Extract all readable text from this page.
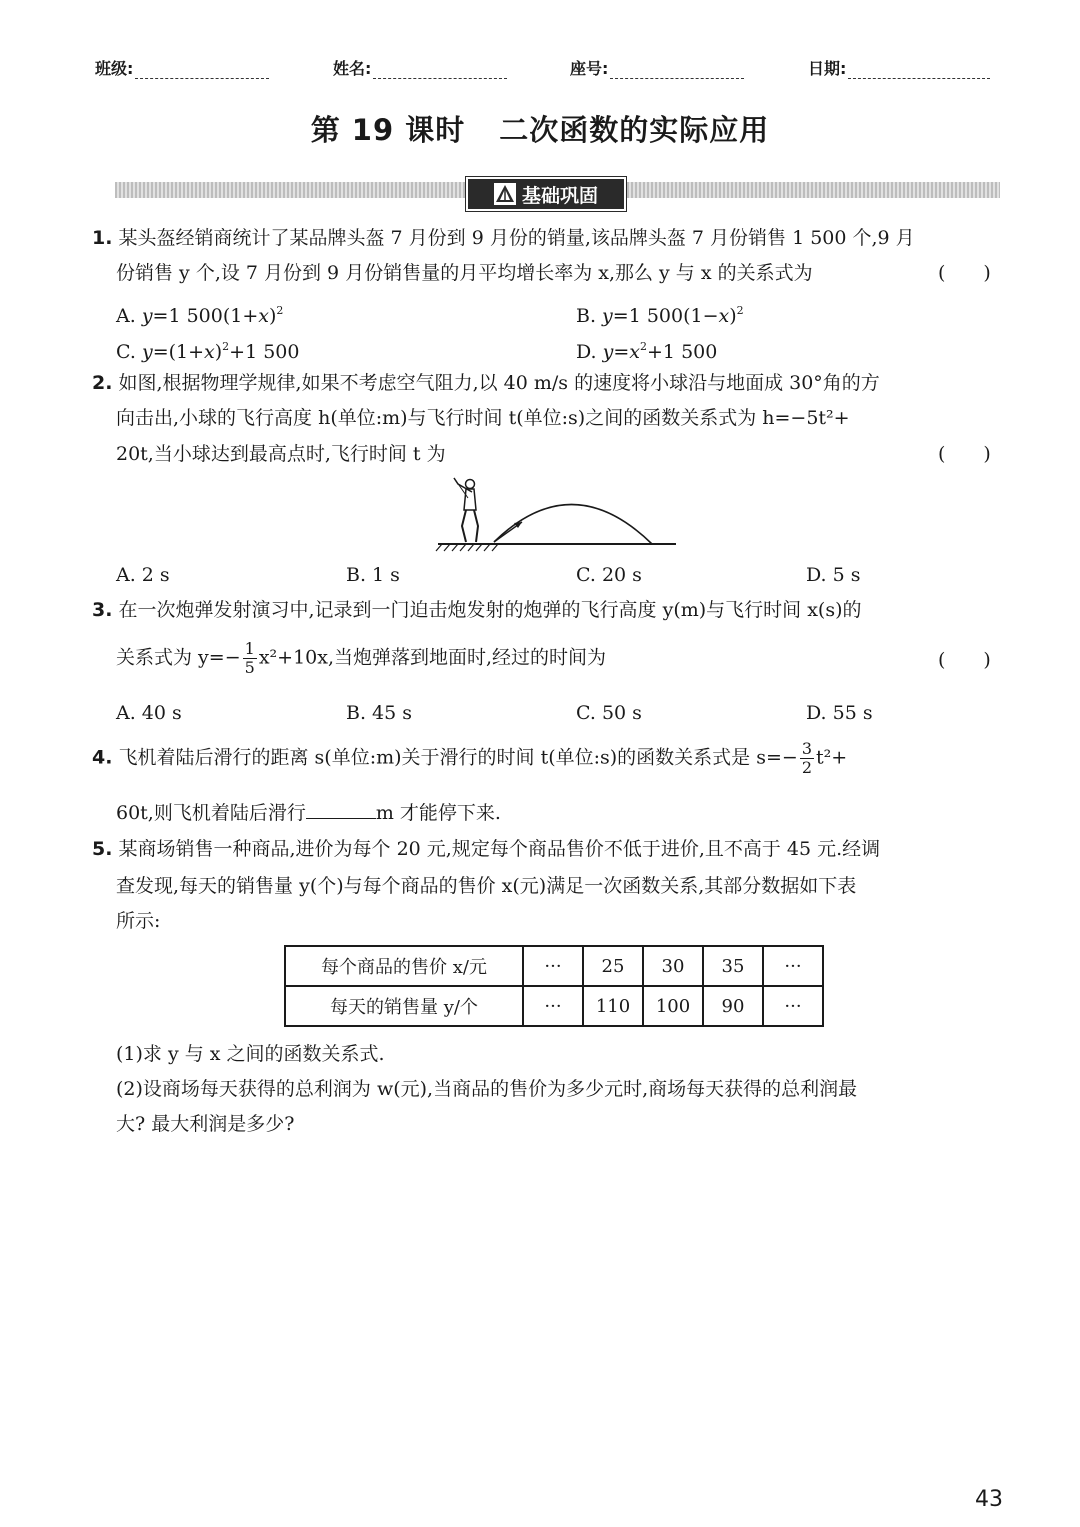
班级:	姓名:	座号:	日期:
第 19 课时 二次函数的实际应用
基础巩固
1. 某头盔经销商统计了某品牌头盔 7 月份到 9 月份的销量,该品牌头盔 7 月份销售 1 500 个,9 月
份销售 y 个,设 7 月份到 9 月份销售量的月平均增长率为 x,那么 y 与 x 的关系式为	(　　)
A. y=1 $500(1+x)^2$	B. y=1 $500(1-x)^2$
C. $y=(1+x)^2+1$ 500	D. $y=x^2+1$ 500
2. 如图,根据物理学规律,如果不考虑空气阻力,以 40 m/s 的速度将小球沿与地面成 30°角的方
向击出,小球的飞行高度 h(单位:m)与飞行时间 t(单位:s)之间的函数关系式为 h=−5t²+
20t,当小球达到最高点时,飞行时间 t 为	(　　)
A. 2 s	B. 1 s	C. 20 s	D. 5 s
3. 在一次炮弹发射演习中,记录到一门迫击炮发射的炮弹的飞行高度 y(m)与飞行时间 x(s)的
关系式为 $y=- \frac{1}{5} x^2+10x$,当炮弹落到地面时,经过的时间为	(　　)
A. 40 s	B. 45 s	C. 50 s	D. 55 s
4. 飞机着陆后滑行的距离 s(单位:m)关于滑行的时间 t(单位:s)的函数关系式是 $s=- \frac{3}{2} t^2+$
60t,则飞机着陆后滑行	m 才能停下来.
5. 某商场销售一种商品,进价为每个 20 元,规定每个商品售价不低于进价,且不高于 45 元.经调
查发现,每天的销售量 y(个)与每个商品的售价 x(元)满足一次函数关系,其部分数据如下表
所示:
每个商品的售价 x/元	···	25	30	35	···
每天的销售量 y/个	···	110	100	90	···
(1)求 y 与 x 之间的函数关系式.
(2)设商场每天获得的总利润为 w(元),当商品的售价为多少元时,商场每天获得的总利润最
大? 最大利润是多少?
43
